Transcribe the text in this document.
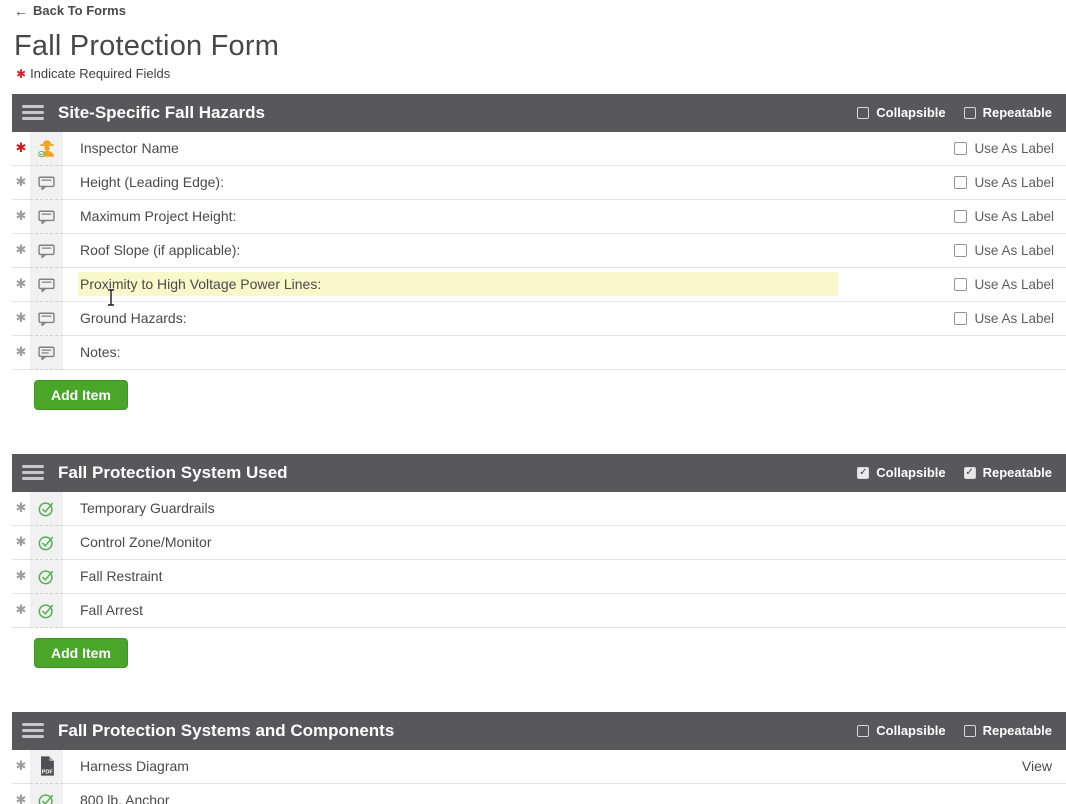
← Back To Forms
Fall Protection Form
✱ Indicate Required Fields
Site-Specific Fall Hazards	Collapsible	Repeatable
✱	Inspector Name	Use As Label
✱	Height (Leading Edge):	Use As Label
✱	Maximum Project Height:	Use As Label
✱	Roof Slope (if applicable):	Use As Label
✱	Proximity to High Voltage Power Lines:	Use As Label
✱	Ground Hazards:	Use As Label
✱	Notes:
Add Item
Fall Protection System Used	✓ Collapsible ✓ Repeatable
✱	Temporary Guardrails
✱	Control Zone/Monitor
✱	Fall Restraint
✱	Fall Arrest
Add Item
Fall Protection Systems and Components	Collapsible	Repeatable
✱ PDF Harness Diagram	View
✱	800 lb. Anchor
